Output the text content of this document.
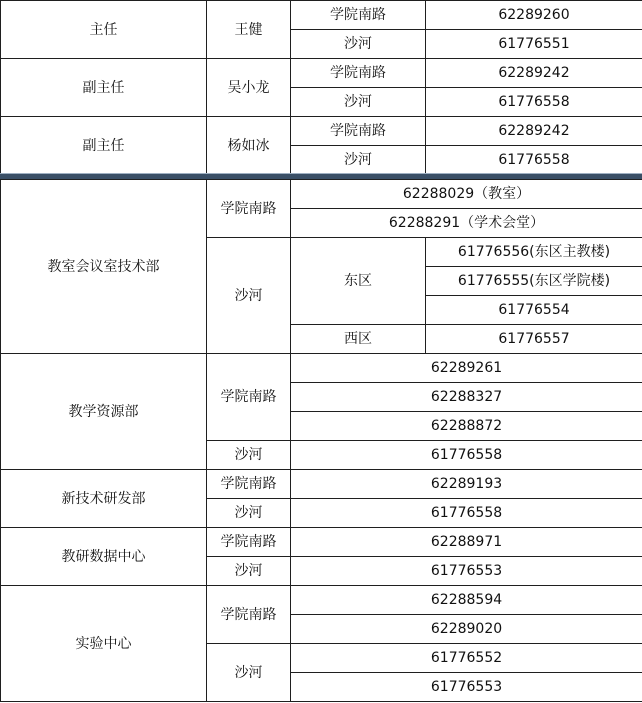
主任	王健	学院南路	62289260
		沙河	61776551
副主任	吴小龙	学院南路	62289242
		沙河	61776558
副主任	杨如冰	学院南路	62289242
		沙河	61776558
教室会议室技术部	学院南路	62288029（教室）	
		62288291（学术会堂）	
	沙河	东区	61776556(东区主教楼)
			61776555(东区学院楼)
			61776554
		西区	61776557
教学资源部	学院南路	62289261	
		62288327	
		62288872	
	沙河	61776558	
新技术研发部	学院南路	62289193	
	沙河	61776558	
教研数据中心	学院南路	62288971	
	沙河	61776553	
实验中心	学院南路	62288594	
		62289020	
	沙河	61776552	
		61776553	
